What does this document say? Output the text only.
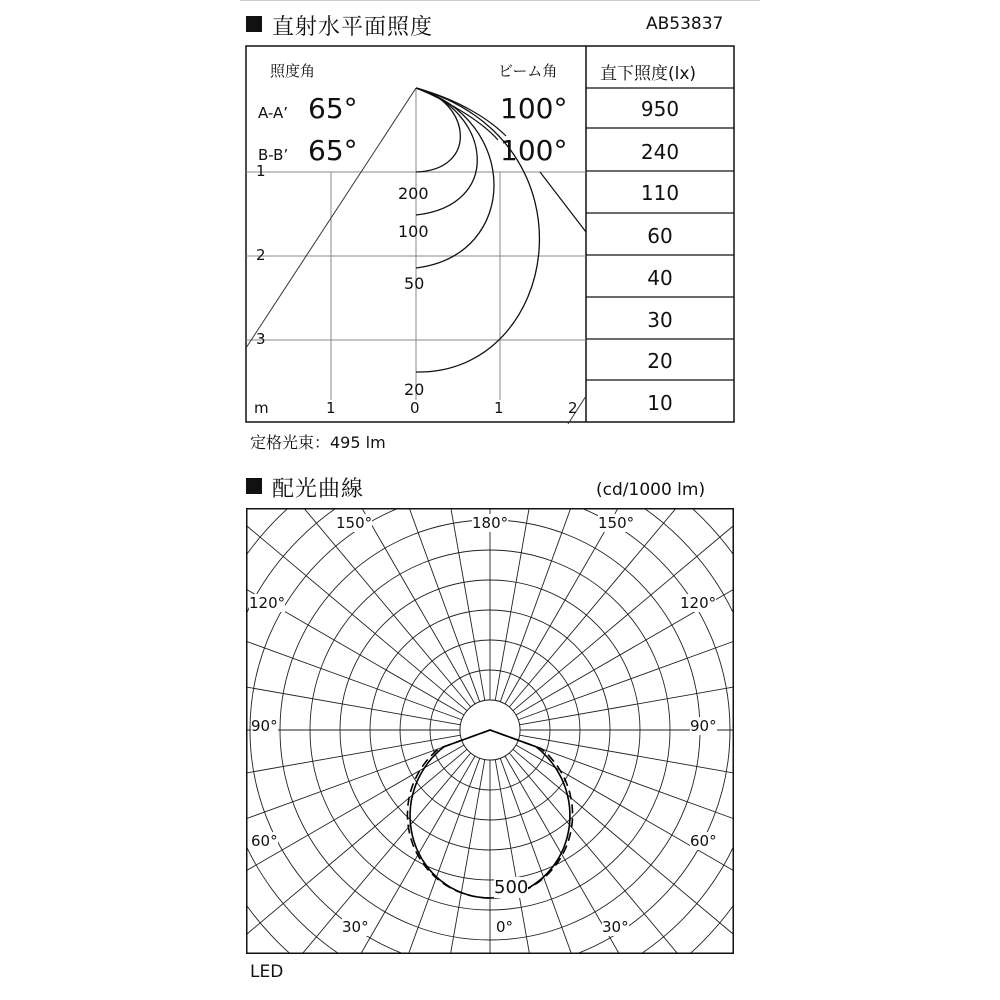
直射水平面照度	AB53837
照度角	ビーム角	直下照度(lx)
A-A’ 65°	100°
B-B’ 65°	100°
1
2
3
200
100
50
20
m	1	0	1	2
950
240
110
60
40
30
20
10
定格光束：495 lm
配光曲線	(cd/1000 lm)
150°	180°	150°
120°	120°
90°	90°
60°	60°
30°	0°	30°
500
LED
